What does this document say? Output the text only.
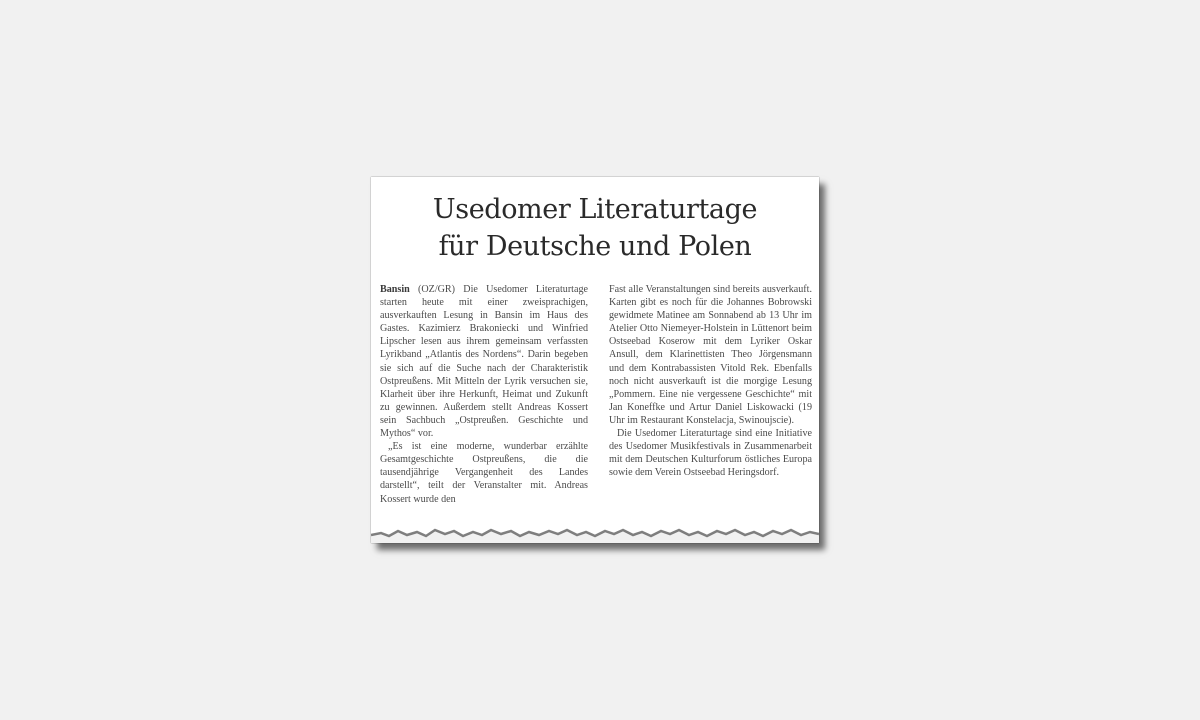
Usedomer Literaturtage
für Deutsche und Polen

Bansin (OZ/GR) Die Usedomer Literaturtage starten heute mit einer zweisprachigen, ausverkauften Lesung in Bansin im Haus des Gastes. Kazimierz Brakoniecki und Winfried Lipscher lesen aus ihrem gemeinsam verfassten Lyrikband „Atlantis des Nordens“. Darin begeben sie sich auf die Suche nach der Charakteristik Ostpreußens. Mit Mitteln der Lyrik versuchen sie, Klarheit über ihre Herkunft, Heimat und Zukunft zu gewinnen. Außerdem stellt Andreas Kossert sein Sachbuch „Ostpreußen. Geschichte und Mythos“ vor.

„Es ist eine moderne, wunderbar erzählte Gesamtgeschichte Ostpreußens, die die tausendjährige Vergangenheit des Landes darstellt“, teilt der Veranstalter mit. Andreas Kossert wurde den

Fast alle Veranstaltungen sind bereits ausverkauft. Karten gibt es noch für die Johannes Bobrowski gewidmete Matinee am Sonnabend ab 13 Uhr im Atelier Otto Niemeyer-Holstein in Lüttenort beim Ostseebad Koserow mit dem Lyriker Oskar Ansull, dem Klarinettisten Theo Jörgensmann und dem Kontrabassisten Vitold Rek. Ebenfalls noch nicht ausverkauft ist die morgige Lesung „Pommern. Eine nie vergessene Geschichte“ mit Jan Koneffke und Artur Daniel Liskowacki (19 Uhr im Restaurant Konstelacja, Swinoujscie).

Die Usedomer Literaturtage sind eine Initiative des Usedomer Musikfestivals in Zusammenarbeit mit dem Deutschen Kulturforum östliches Europa sowie dem Verein Ostseebad Heringsdorf.
